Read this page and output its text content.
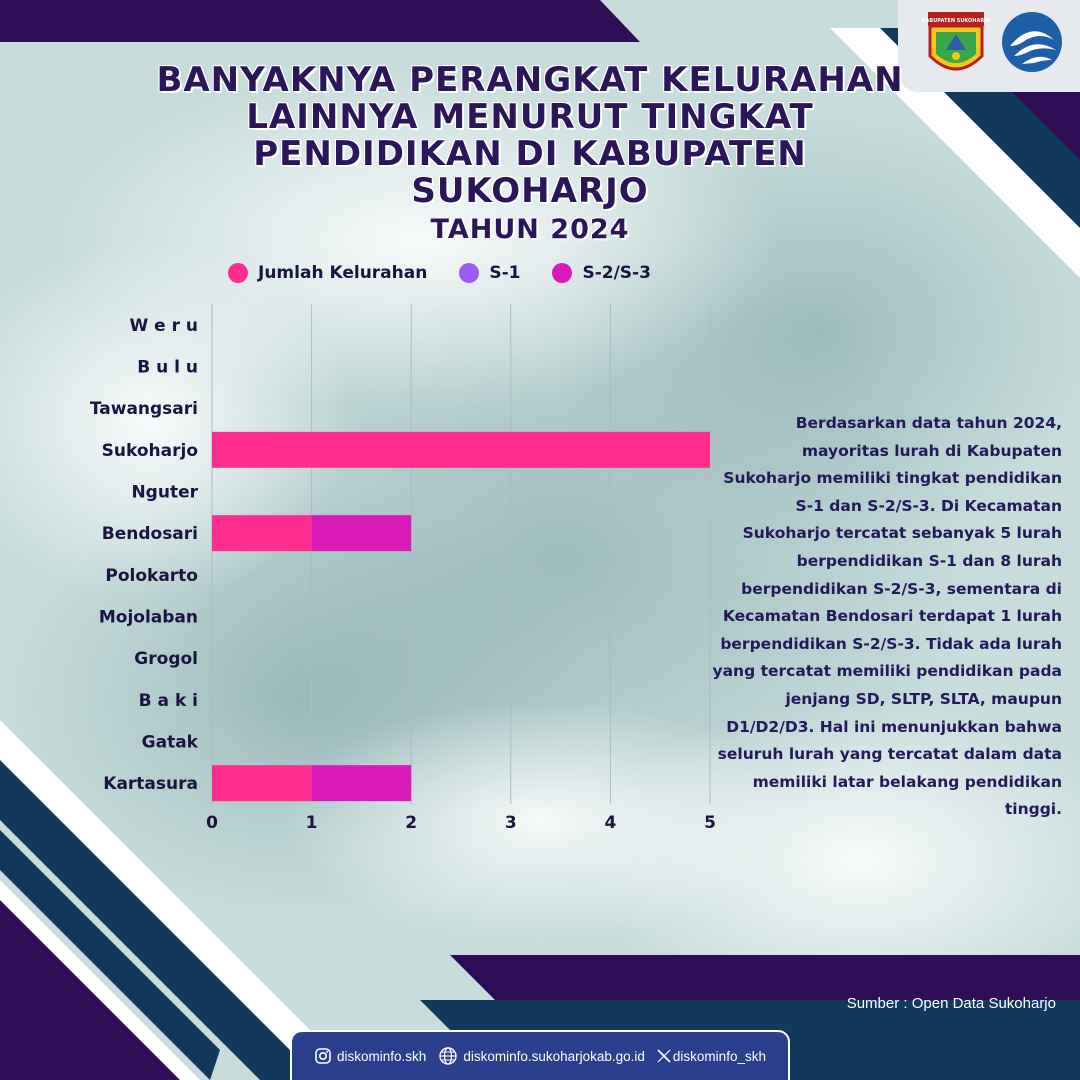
KABUPATEN SUKOHARJO
BANYAKNYA PERANGKAT KELURAHAN LAINNYA MENURUT TINGKAT PENDIDIKAN DI KABUPATEN SUKOHARJO
TAHUN 2024
Jumlah Kelurahan	S-1	S-2/S-3
W e r u
B u l u
Tawangsari
Sukoharjo
Nguter
Bendosari
Polokarto
Mojolaban
Grogol
B a k i
Gatak
Kartasura
0	1	2	3	4	5

Berdasarkan data tahun 2024, mayoritas lurah di Kabupaten Sukoharjo memiliki tingkat pendidikan S-1 dan S-2/S-3. Di Kecamatan Sukoharjo tercatat sebanyak 5 lurah berpendidikan S-1 dan 8 lurah berpendidikan S-2/S-3, sementara di Kecamatan Bendosari terdapat 1 lurah berpendidikan S-2/S-3. Tidak ada lurah yang tercatat memiliki pendidikan pada jenjang SD, SLTP, SLTA, maupun D1/D2/D3. Hal ini menunjukkan bahwa seluruh lurah yang tercatat dalam data memiliki latar belakang pendidikan tinggi.

Sumber : Open Data Sukoharjo

diskominfo.skh	diskominfo.sukoharjokab.go.id diskominfo_skh
